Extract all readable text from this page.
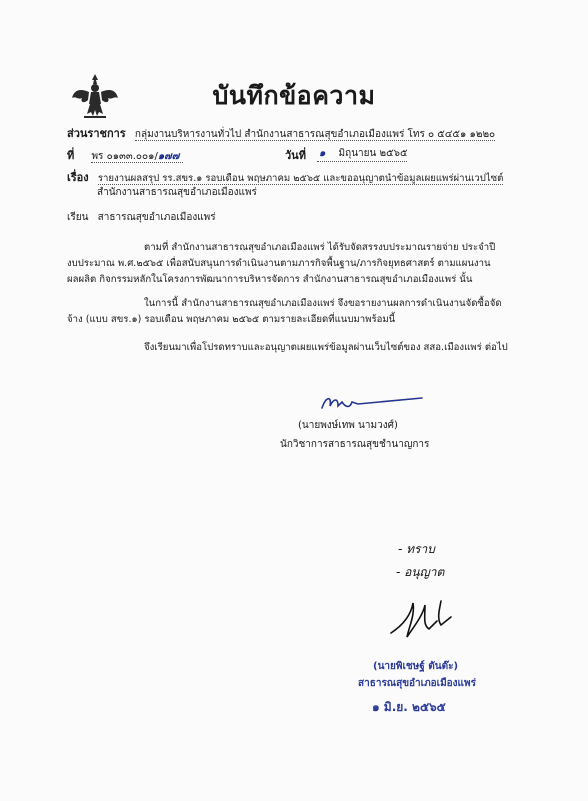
บันทึกข้อความ
ส่วนราชการ กลุ่มงานบริหารงานทั่วไป สำนักงานสาธารณสุขอำเภอเมืองแพร่ โทร ๐ ๕๔๕๑ ๑๒๒๐
ที่ พร ๐๑๓๓.๐๐๑/๑๗๗	วันที่ ๑ มิถุนายน ๒๕๖๕
เรื่อง รายงานผลสรุป รร.สขร.๑ รอบเดือน พฤษภาคม ๒๕๖๕ และขออนุญาตนำข้อมูลเผยแพร่ผ่านเวปไซต์
สำนักงานสาธารณสุขอำเภอเมืองแพร่
เรียน สาธารณสุขอำเภอเมืองแพร่
ตามที่ สำนักงานสาธารณสุขอำเภอเมืองแพร่ ได้รับจัดสรรงบประมาณรายจ่าย ประจำปี
งบประมาณ พ.ศ.๒๕๖๕ เพื่อสนับสนุนการดำเนินงานตามภารกิจพื้นฐาน/ภารกิจยุทธศาสตร์ ตามแผนงาน
ผลผลิต กิจกรรมหลักในโครงการพัฒนาการบริหารจัดการ สำนักงานสาธารณสุขอำเภอเมืองแพร่ นั้น
ในการนี้ สำนักงานสาธารณสุขอำเภอเมืองแพร่ จึงขอรายงานผลการดำเนินงานจัดซื้อจัด
จ้าง (แบบ สขร.๑) รอบเดือน พฤษภาคม ๒๕๖๕ ตามรายละเอียดที่แนบมาพร้อมนี้
จึงเรียนมาเพื่อโปรดทราบและอนุญาตเผยแพร่ข้อมูลผ่านเว็บไซต์ของ สสอ.เมืองแพร่ ต่อไป
(นายพงษ์เทพ นามวงศ์)
นักวิชาการสาธารณสุขชำนาญการ
- ทราบ
- อนุญาต
(นายพิเชษฐ์ ตันต๊ะ)
สาธารณสุขอำเภอเมืองแพร่
๑ มิ.ย. ๒๕๖๕
